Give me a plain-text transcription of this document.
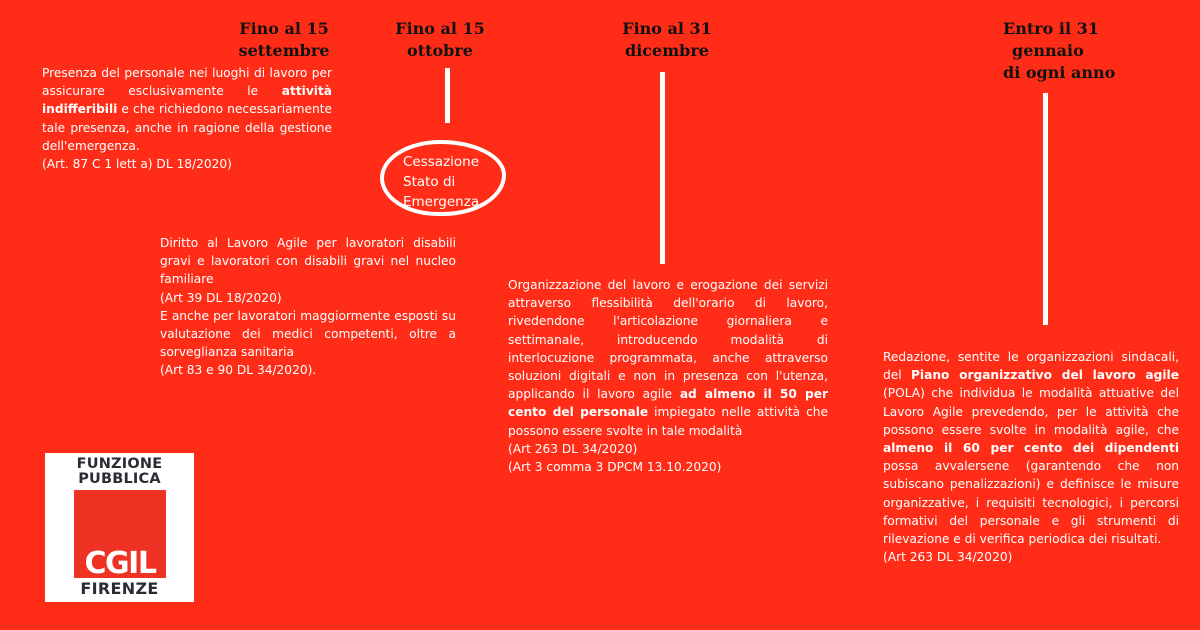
Fino al 15
settembre
Fino al 15
ottobre
Fino al 31
dicembre
Entro il 31
gennaio
di ogni anno
Cessazione
Stato di
Emergenza

Presenza del personale nei luoghi di lavoro per assicurare esclusivamente le attività indifferibili e che richiedono necessariamente tale presenza, anche in ragione della gestione dell'emergenza.

(Art. 87 C 1 lett a) DL 18/2020)

Diritto al Lavoro Agile per lavoratori disabili gravi e lavoratori con disabili gravi nel nucleo familiare

(Art 39 DL 18/2020)

E anche per lavoratori maggiormente esposti su valutazione dei medici competenti, oltre a sorveglianza sanitaria

(Art 83 e 90 DL 34/2020).

Organizzazione del lavoro e erogazione dei servizi attraverso flessibilità dell'orario di lavoro, rivedendone l'articolazione giornaliera e settimanale, introducendo modalità di interlocuzione programmata, anche attraverso soluzioni digitali e non in presenza con l'utenza, applicando il lavoro agile ad almeno il 50 per cento del personale impiegato nelle attività che possono essere svolte in tale modalità

(Art 263 DL 34/2020)

(Art 3 comma 3 DPCM 13.10.2020)

Redazione, sentite le organizzazioni sindacali, del Piano organizzativo del lavoro agile (POLA) che individua le modalità attuative del Lavoro Agile prevedendo, per le attività che possono essere svolte in modalità agile, che almeno il 60 per cento dei dipendenti possa avvalersene (garantendo che non subiscano penalizzazioni) e definisce le misure organizzative, i requisiti tecnologici, i percorsi formativi del personale e gli strumenti di rilevazione e di verifica periodica dei risultati.

(Art 263 DL 34/2020)

FUNZIONE
PUBBLICA
CGIL
FIRENZE
